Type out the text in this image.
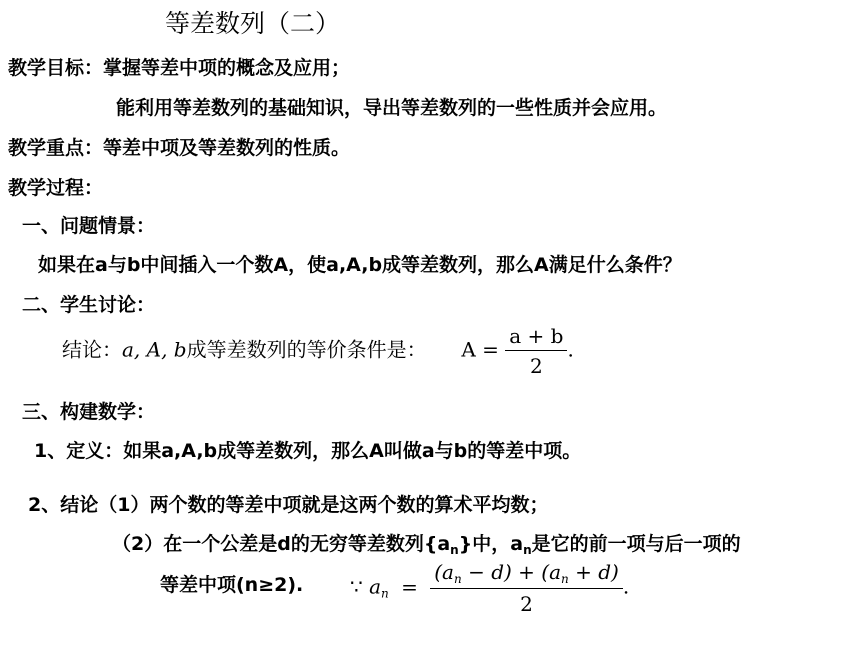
等差数列（二）
教学目标：掌握等差中项的概念及应用；
能利用等差数列的基础知识，导出等差数列的一些性质并会应用。
教学重点：等差中项及等差数列的性质。
教学过程：
一、问题情景：
如果在a与b中间插入一个数A，使a,A,b成等差数列，那么A满足什么条件？
二、学生讨论：
结论：a, A, b成等差数列的等价条件是： $A = \frac{a + b}{2}$ .
三、构建数学：
1、定义：如果a,A,b成等差数列，那么A叫做a与b的等差中项。
2、结论（1）两个数的等差中项就是这两个数的算术平均数；
（2）在一个公差是d的无穷等差数列$\{a_n\}$中，$a_n$是它的前一项与后一项的
等差中项(n≥2). ∵ $a_n = \frac{(a_n - d) + (a_n + d)}{2}$ .
